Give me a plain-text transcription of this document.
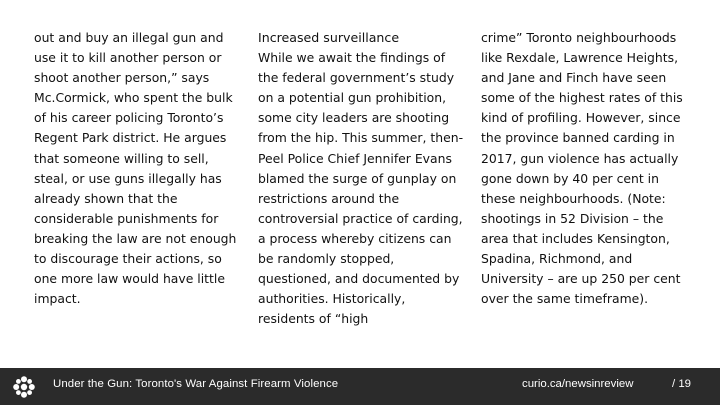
out and buy an illegal gun and use it to kill another person or shoot another person,” says Mc.Cormick, who spent the bulk of his career policing Toronto’s Regent Park district. He argues that someone willing to sell, steal, or use guns illegally has already shown that the considerable punishments for breaking the law are not enough to discourage their actions, so one more law would have little impact.

Increased surveillance

While we await the findings of the federal government’s study on a potential gun prohibition, some city leaders are shooting from the hip. This summer, then-Peel Police Chief Jennifer Evans blamed the surge of gunplay on restrictions around the controversial practice of carding, a process whereby citizens can be randomly stopped, questioned, and documented by authorities. Historically, residents of “high

crime” Toronto neighbourhoods like Rexdale, Lawrence Heights, and Jane and Finch have seen some of the highest rates of this kind of profiling. However, since the province banned carding in 2017, gun violence has actually gone down by 40 per cent in these neighbourhoods. (Note: shootings in 52 Division – the area that includes Kensington, Spadina, Richmond, and University – are up 250 per cent over the same timeframe).

Under the Gun: Toronto's War Against Firearm Violence	curio.ca/newsinreview	/ 19
